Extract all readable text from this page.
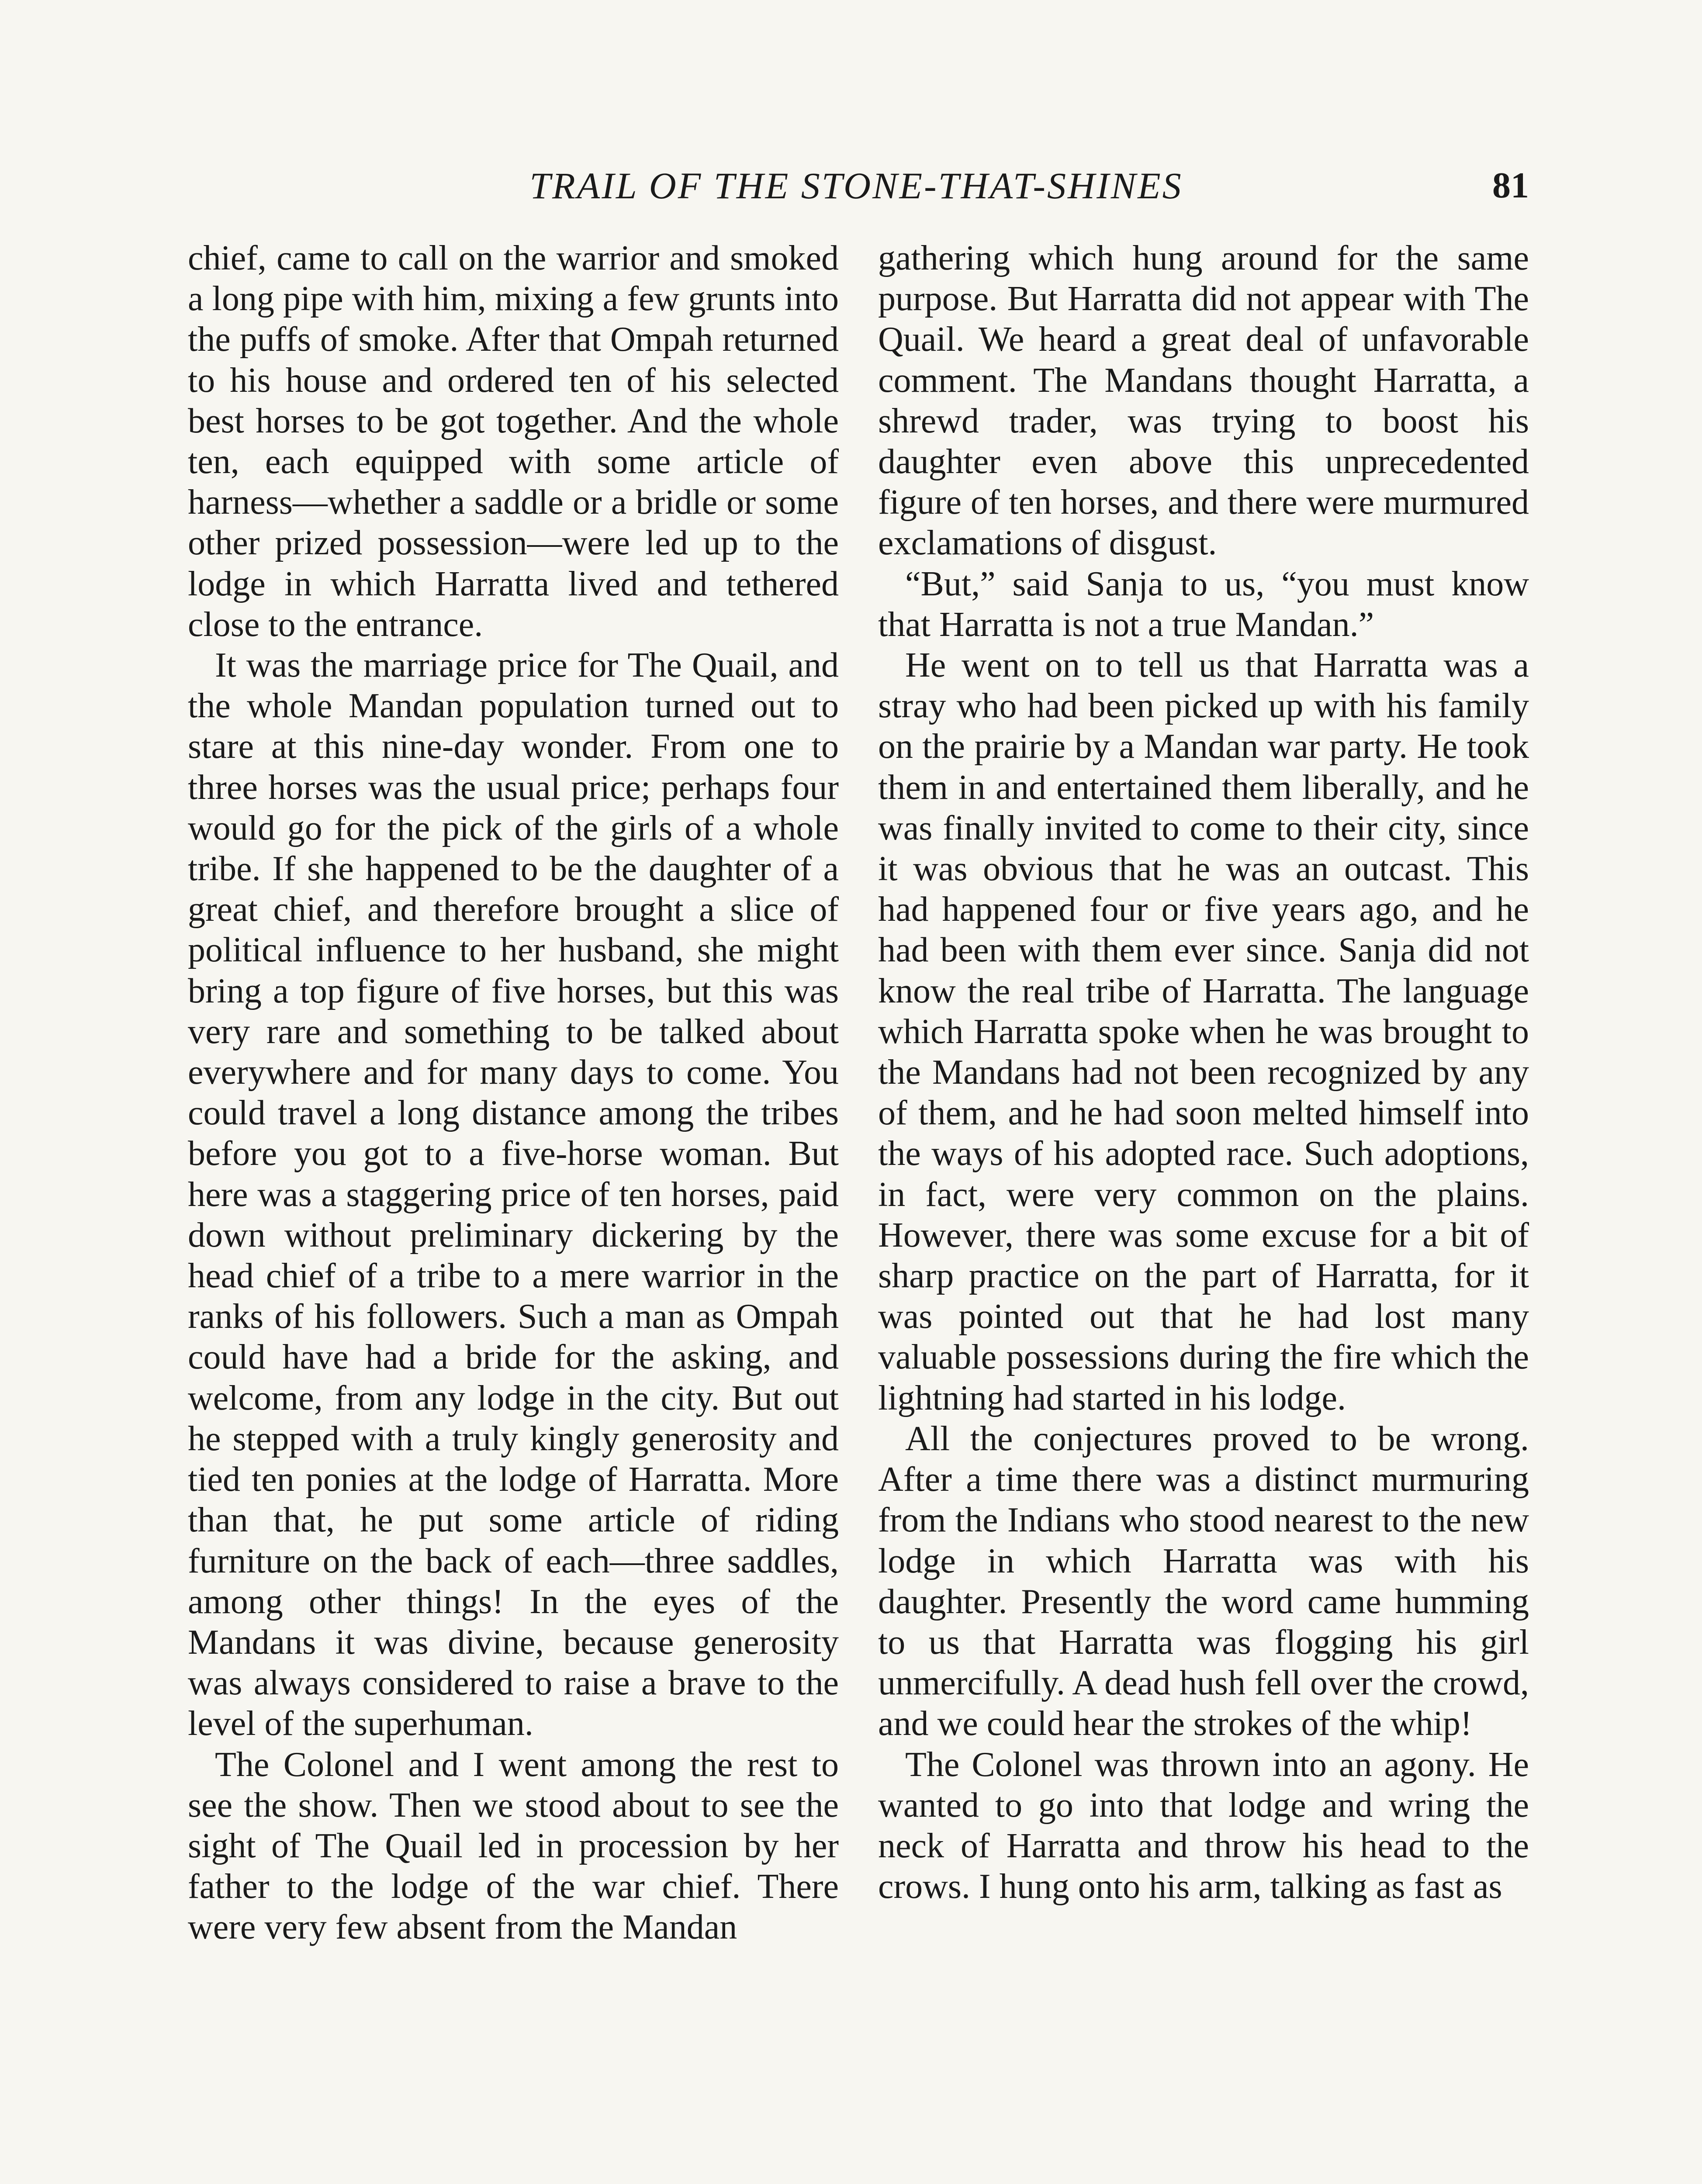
TRAIL OF THE STONE-THAT-SHINES	81

chief, came to call on the warrior and smoked a long pipe with him, mixing a few grunts into the puffs of smoke. After that Ompah returned to his house and ordered ten of his selected best horses to be got together. And the whole ten, each equipped with some article of harness—whether a saddle or a bridle or some other prized possession—were led up to the lodge in which Harratta lived and tethered close to the entrance.

It was the marriage price for The Quail, and the whole Mandan population turned out to stare at this nine-day wonder. From one to three horses was the usual price; perhaps four would go for the pick of the girls of a whole tribe. If she happened to be the daughter of a great chief, and therefore brought a slice of political influence to her husband, she might bring a top figure of five horses, but this was very rare and something to be talked about everywhere and for many days to come. You could travel a long distance among the tribes before you got to a five-horse woman. But here was a staggering price of ten horses, paid down without preliminary dickering by the head chief of a tribe to a mere warrior in the ranks of his followers. Such a man as Ompah could have had a bride for the asking, and welcome, from any lodge in the city. But out he stepped with a truly kingly generosity and tied ten ponies at the lodge of Harratta. More than that, he put some article of riding furniture on the back of each—three saddles, among other things! In the eyes of the Mandans it was divine, because generosity was always considered to raise a brave to the level of the superhuman.

The Colonel and I went among the rest to see the show. Then we stood about to see the sight of The Quail led in procession by her father to the lodge of the war chief. There were very few absent from the Mandan

gathering which hung around for the same purpose. But Harratta did not appear with The Quail. We heard a great deal of unfavorable comment. The Mandans thought Harratta, a shrewd trader, was trying to boost his daughter even above this unprecedented figure of ten horses, and there were murmured exclamations of disgust.

“But,” said Sanja to us, “you must know that Harratta is not a true Mandan.”

He went on to tell us that Harratta was a stray who had been picked up with his family on the prairie by a Mandan war party. He took them in and entertained them liberally, and he was finally invited to come to their city, since it was obvious that he was an outcast. This had happened four or five years ago, and he had been with them ever since. Sanja did not know the real tribe of Harratta. The language which Harratta spoke when he was brought to the Mandans had not been recognized by any of them, and he had soon melted himself into the ways of his adopted race. Such adoptions, in fact, were very common on the plains. However, there was some excuse for a bit of sharp practice on the part of Harratta, for it was pointed out that he had lost many valuable possessions during the fire which the lightning had started in his lodge.

All the conjectures proved to be wrong. After a time there was a distinct murmuring from the Indians who stood nearest to the new lodge in which Harratta was with his daughter. Presently the word came humming to us that Harratta was flogging his girl unmercifully. A dead hush fell over the crowd, and we could hear the strokes of the whip!

The Colonel was thrown into an agony. He wanted to go into that lodge and wring the neck of Harratta and throw his head to the crows. I hung onto his arm, talking as fast as
